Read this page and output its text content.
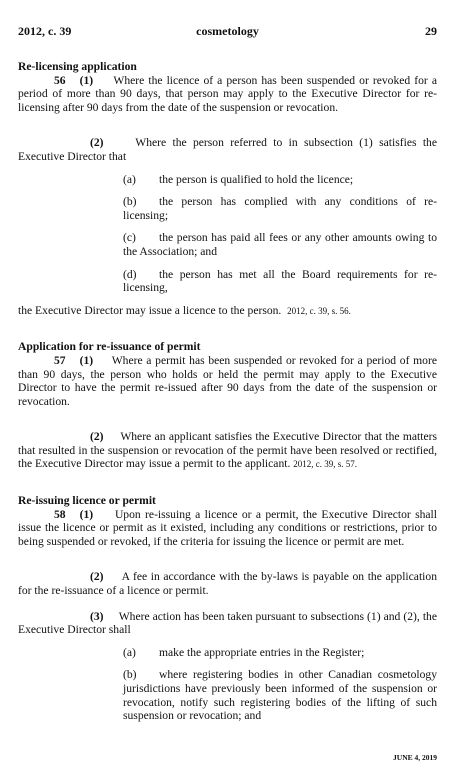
2012, c. 39	cosmetology	29

Re-licensing application

56 (1) Where the licence of a person has been suspended or revoked for a period of more than 90 days, that person may apply to the Executive Director for re-licensing after 90 days from the date of the suspension or revocation.

(2)	Where the person referred to in subsection (1) satisfies the Executive Director that

(a) the person is qualified to hold the licence;

(b) the person has complied with any conditions of re-licensing;

(c) the person has paid all fees or any other amounts owing to the Association; and

(d) the person has met all the Board requirements for re-licensing,

the Executive Director may issue a licence to the person. 2012, c. 39, s. 56.

Application for re-issuance of permit

57 (1) Where a permit has been suspended or revoked for a period of more than 90 days, the person who holds or held the permit may apply to the Executive Director to have the permit re-issued after 90 days from the date of the suspension or revocation.

(2) Where an applicant satisfies the Executive Director that the matters that resulted in the suspension or revocation of the permit have been resolved or rectified, the Executive Director may issue a permit to the applicant. 2012, c. 39, s. 57.

Re-issuing licence or permit

58 (1) Upon re-issuing a licence or a permit, the Executive Director shall issue the licence or permit as it existed, including any conditions or restrictions, prior to being suspended or revoked, if the criteria for issuing the licence or permit are met.

(2) A fee in accordance with the by-laws is payable on the application for the re-issuance of a licence or permit.

(3) Where action has been taken pursuant to subsections (1) and (2), the Executive Director shall

(a) make the appropriate entries in the Register;

(b) where registering bodies in other Canadian cosmetology jurisdictions have previously been informed of the suspension or revocation, notify such registering bodies of the lifting of such suspension or revocation; and

JUNE 4, 2019
